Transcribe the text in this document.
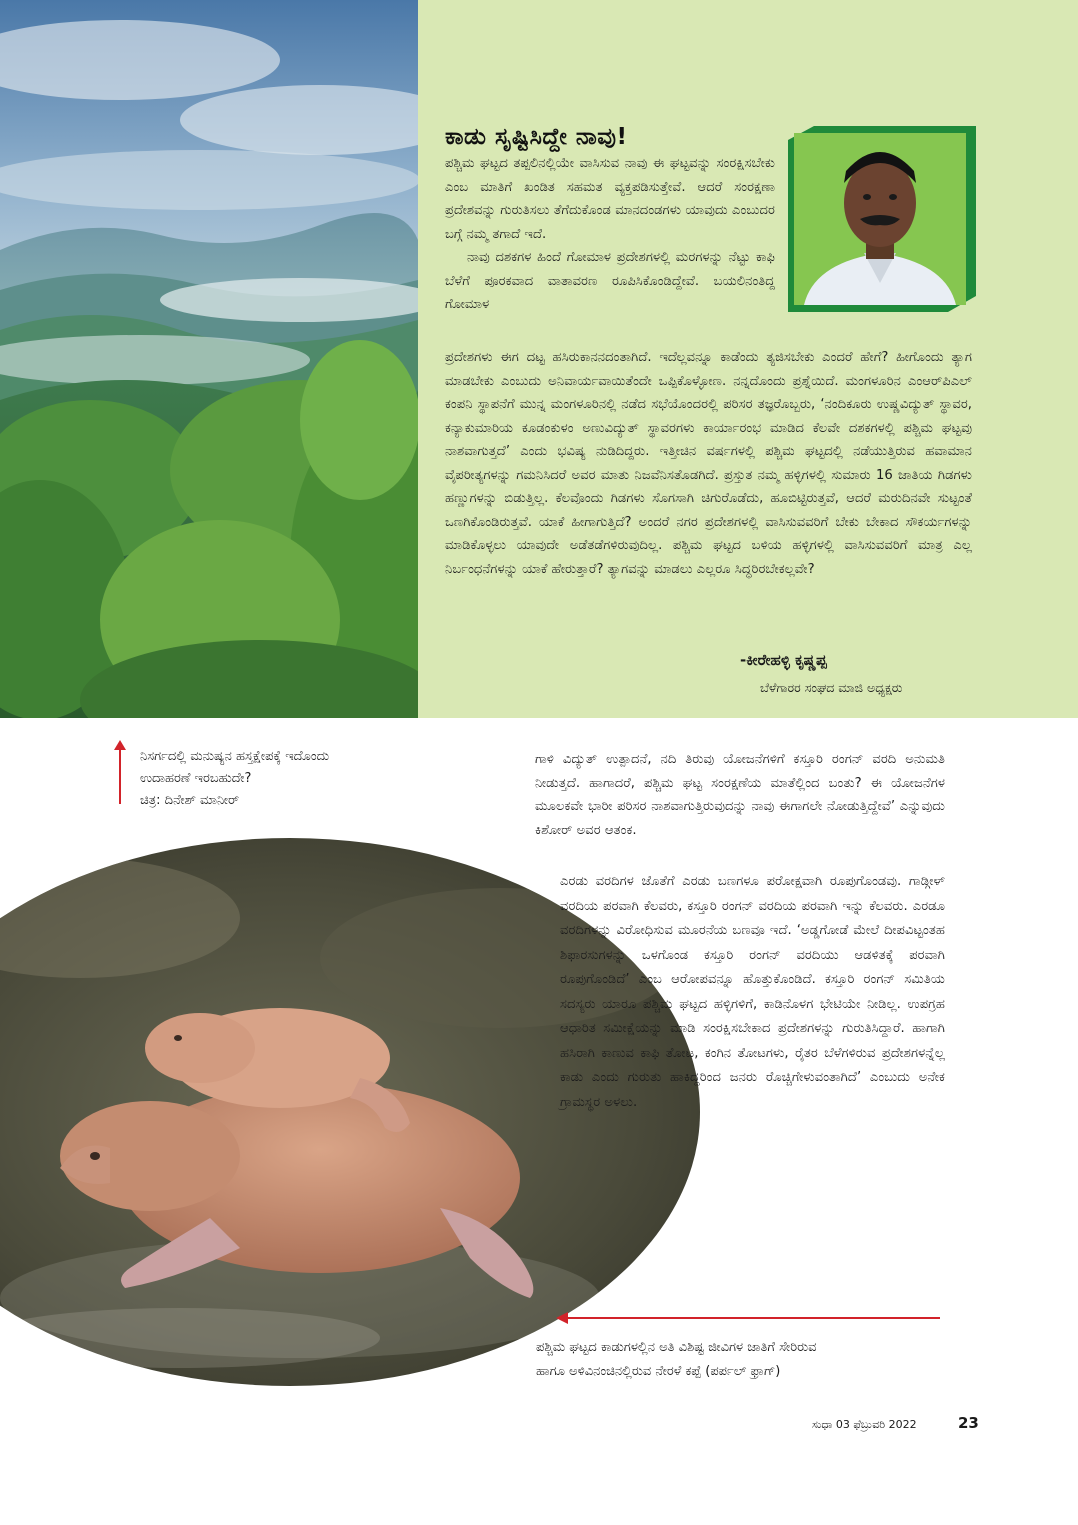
ಕಾಡು ಸೃಷ್ಟಿಸಿದ್ದೇ ನಾವು!
ಪಶ್ಚಿಮ ಘಟ್ಟದ ತಪ್ಪಲಿನಲ್ಲಿಯೇ ವಾಸಿಸುವ ನಾವು ಈ ಘಟ್ಟವನ್ನು ಸಂರಕ್ಷಿಸಬೇಕು ಎಂಬ ಮಾತಿಗೆ ಖಂಡಿತ ಸಹಮತ ವ್ಯಕ್ತಪಡಿಸುತ್ತೇವೆ. ಆದರೆ ಸಂರಕ್ಷಣಾ ಪ್ರದೇಶವನ್ನು ಗುರುತಿಸಲು ತೆಗೆದುಕೊಂಡ ಮಾನದಂಡಗಳು ಯಾವುದು ಎಂಬುದರ ಬಗ್ಗೆ ನಮ್ಮ ತಗಾದೆ ಇದೆ.
ನಾವು ದಶಕಗಳ ಹಿಂದೆ ಗೋಮಾಳ ಪ್ರದೇಶಗಳಲ್ಲಿ ಮರಗಳನ್ನು ನೆಟ್ಟು ಕಾಫಿ ಬೆಳೆಗೆ ಪೂರಕವಾದ ವಾತಾವರಣ ರೂಪಿಸಿಕೊಂಡಿದ್ದೇವೆ. ಬಯಲಿನಂತಿದ್ದ ಗೋಮಾಳ
ಪ್ರದೇಶಗಳು ಈಗ ದಟ್ಟ ಹಸಿರುಕಾನನದಂತಾಗಿದೆ. ಇದೆಲ್ಲವನ್ನೂ ಕಾಡೆಂದು ತ್ಯಜಿಸಬೇಕು ಎಂದರೆ ಹೇಗೆ? ಹೀಗೊಂದು ತ್ಯಾಗ ಮಾಡಬೇಕು ಎಂಬುದು ಅನಿವಾರ್ಯವಾಯಿತೆಂದೇ ಒಪ್ಪಿಕೊಳ್ಳೋಣ. ನನ್ನದೊಂದು ಪ್ರಶ್ನೆಯಿದೆ. ಮಂಗಳೂರಿನ ಎಂಆರ್‌ಪಿಎಲ್ ಕಂಪನಿ ಸ್ಥಾಪನೆಗೆ ಮುನ್ನ ಮಂಗಳೂರಿನಲ್ಲಿ ನಡೆದ ಸಭೆಯೊಂದರಲ್ಲಿ ಪರಿಸರ ತಜ್ಞರೊಬ್ಬರು, ‘ನಂದಿಕೂರು ಉಷ್ಣವಿದ್ಯುತ್ ಸ್ಥಾವರ, ಕನ್ಯಾಕುಮಾರಿಯ ಕೂಡಂಕುಳಂ ಅಣುವಿದ್ಯುತ್ ಸ್ಥಾವರಗಳು ಕಾರ್ಯಾರಂಭ ಮಾಡಿದ ಕೆಲವೇ ದಶಕಗಳಲ್ಲಿ ಪಶ್ಚಿಮ ಘಟ್ಟವು ನಾಶವಾಗುತ್ತದೆ’ ಎಂದು ಭವಿಷ್ಯ ನುಡಿದಿದ್ದರು. ಇತ್ತೀಚಿನ ವರ್ಷಗಳಲ್ಲಿ ಪಶ್ಚಿಮ ಘಟ್ಟದಲ್ಲಿ ನಡೆಯುತ್ತಿರುವ ಹವಾಮಾನ ವೈಪರೀತ್ಯಗಳನ್ನು ಗಮನಿಸಿದರೆ ಅವರ ಮಾತು ನಿಜವೆನಿಸತೊಡಗಿದೆ. ಪ್ರಸ್ತುತ ನಮ್ಮ ಹಳ್ಳಿಗಳಲ್ಲಿ ಸುಮಾರು 16 ಜಾತಿಯ ಗಿಡಗಳು ಹಣ್ಣುಗಳನ್ನು ಬಿಡುತ್ತಿಲ್ಲ. ಕೆಲವೊಂದು ಗಿಡಗಳು ಸೊಗಸಾಗಿ ಚಿಗುರೊಡೆದು, ಹೂಬಿಟ್ಟಿರುತ್ತವೆ, ಆದರೆ ಮರುದಿನವೇ ಸುಟ್ಟಂತೆ ಒಣಗಿಕೊಂಡಿರುತ್ತವೆ. ಯಾಕೆ ಹೀಗಾಗುತ್ತಿದೆ? ಅಂದರೆ ನಗರ ಪ್ರದೇಶಗಳಲ್ಲಿ ವಾಸಿಸುವವರಿಗೆ ಬೇಕು ಬೇಕಾದ ಸೌಕರ್ಯಗಳನ್ನು ಮಾಡಿಕೊಳ್ಳಲು ಯಾವುದೇ ಅಡೆತಡೆಗಳಿರುವುದಿಲ್ಲ. ಪಶ್ಚಿಮ ಘಟ್ಟದ ಬಳಿಯ ಹಳ್ಳಿಗಳಲ್ಲಿ ವಾಸಿಸುವವರಿಗೆ ಮಾತ್ರ ಎಲ್ಲ ನಿರ್ಬಂಧನೆಗಳನ್ನು ಯಾಕೆ ಹೇರುತ್ತಾರೆ? ತ್ಯಾಗವನ್ನು ಮಾಡಲು ಎಲ್ಲರೂ ಸಿದ್ಧರಿರಬೇಕಲ್ಲವೇ?
-ಕೀರೇಹಳ್ಳಿ ಕೃಷ್ಣಪ್ಪ
ಬೆಳೆಗಾರರ ಸಂಘದ ಮಾಜಿ ಅಧ್ಯಕ್ಷರು
ನಿಸರ್ಗದಲ್ಲಿ ಮನುಷ್ಯನ ಹಸ್ತಕ್ಷೇಪಕ್ಕೆ ಇದೊಂದು
ಉದಾಹರಣೆ ಇರಬಹುದೇ?
ಚಿತ್ರ: ದಿನೇಶ್ ಮಾನೀರ್
ಗಾಳಿ ವಿದ್ಯುತ್ ಉತ್ಪಾದನೆ, ನದಿ ತಿರುವು ಯೋಜನೆಗಳಿಗೆ ಕಸ್ತೂರಿ ರಂಗನ್ ವರದಿ ಅನುಮತಿ ನೀಡುತ್ತದೆ. ಹಾಗಾದರೆ, ಪಶ್ಚಿಮ ಘಟ್ಟ ಸಂರಕ್ಷಣೆಯ ಮಾತೆಲ್ಲಿಂದ ಬಂತು? ಈ ಯೋಜನೆಗಳ ಮೂಲಕವೇ ಭಾರೀ ಪರಿಸರ ನಾಶವಾಗುತ್ತಿರುವುದನ್ನು ನಾವು ಈಗಾಗಲೇ ನೋಡುತ್ತಿದ್ದೇವೆ’ ಎನ್ನುವುದು ಕಿಶೋರ್ ಅವರ ಆತಂಕ.
ಎರಡು ವರದಿಗಳ ಜೊತೆಗೆ ಎರಡು ಬಣಗಳೂ ಪರೋಕ್ಷವಾಗಿ ರೂಪುಗೊಂಡವು. ಗಾಡ್ಗೀಳ್ ವರದಿಯ ಪರವಾಗಿ ಕೆಲವರು, ಕಸ್ತೂರಿ ರಂಗನ್ ವರದಿಯ ಪರವಾಗಿ ಇನ್ನು ಕೆಲವರು. ಎರಡೂ ವರದಿಗಳನ್ನು ವಿರೋಧಿಸುವ ಮೂರನೆಯ ಬಣವೂ ಇದೆ. ‘ಅಡ್ಡಗೋಡೆ ಮೇಲೆ ದೀಪವಿಟ್ಟಂತಹ ಶಿಫಾರಸುಗಳನ್ನು ಒಳಗೊಂಡ ಕಸ್ತೂರಿ ರಂಗನ್ ವರದಿಯು ಆಡಳಿತಕ್ಕೆ ಪರವಾಗಿ ರೂಪುಗೊಂಡಿದೆ’ ಎಂಬ ಆರೋಪವನ್ನೂ ಹೊತ್ತುಕೊಂಡಿದೆ. ಕಸ್ತೂರಿ ರಂಗನ್ ಸಮಿತಿಯ ಸದಸ್ಯರು ಯಾರೂ ಪಶ್ಚಿಮ ಘಟ್ಟದ ಹಳ್ಳಿಗಳಿಗೆ, ಕಾಡಿನೊಳಗ ಭೇಟಿಯೇ ನೀಡಿಲ್ಲ. ಉಪಗ್ರಹ ಆಧಾರಿತ ಸಮೀಕ್ಷೆಯನ್ನು ಮಾಡಿ ಸಂರಕ್ಷಿಸಬೇಕಾದ ಪ್ರದೇಶಗಳನ್ನು ಗುರುತಿಸಿದ್ದಾರೆ. ಹಾಗಾಗಿ ಹಸಿರಾಗಿ ಕಾಣುವ ಕಾಫಿ ತೋಟ, ಕಂಗಿನ ತೋಟಗಳು, ರೈತರ ಬೆಳೆಗಳಿರುವ ಪ್ರದೇಶಗಳನ್ನೆಲ್ಲ ಕಾಡು ಎಂದು ಗುರುತು ಹಾಕಿದ್ದರಿಂದ ಜನರು ರೊಚ್ಚಿಗೇಳುವಂತಾಗಿದೆ’ ಎಂಬುದು ಅನೇಕ ಗ್ರಾಮಸ್ಥರ ಅಳಲು.
ಪಶ್ಚಿಮ ಘಟ್ಟದ ಕಾಡುಗಳಲ್ಲಿನ ಅತಿ ವಿಶಿಷ್ಟ ಜೀವಿಗಳ ಜಾತಿಗೆ ಸೇರಿರುವ
ಹಾಗೂ ಅಳಿವಿನಂಚಿನಲ್ಲಿರುವ ನೇರಳೆ ಕಪ್ಪೆ (ಪರ್ಪಲ್ ಫ್ರಾಗ್)
ಸುಧಾ 03 ಫೆಬ್ರುವರಿ 2022	23
